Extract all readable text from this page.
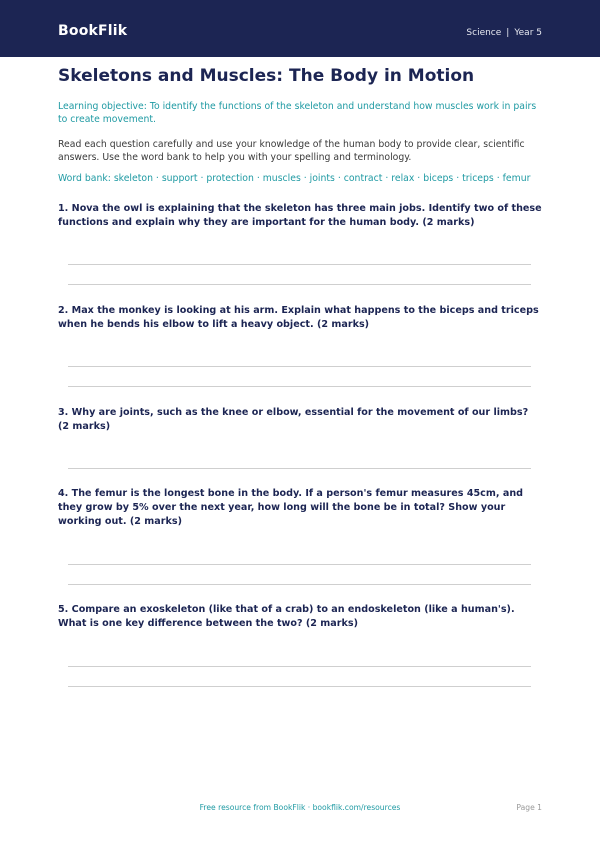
BookFlik	Science | Year 5
Skeletons and Muscles: The Body in Motion
Learning objective: To identify the functions of the skeleton and understand how muscles work in pairs to create movement.
Read each question carefully and use your knowledge of the human body to provide clear, scientific answers. Use the word bank to help you with your spelling and terminology.
Word bank: skeleton · support · protection · muscles · joints · contract · relax · biceps · triceps · femur

1. Nova the owl is explaining that the skeleton has three main jobs. Identify two of these functions and explain why they are important for the human body. (2 marks)

2. Max the monkey is looking at his arm. Explain what happens to the biceps and triceps when he bends his elbow to lift a heavy object. (2 marks)

3. Why are joints, such as the knee or elbow, essential for the movement of our limbs? (2 marks)

4. The femur is the longest bone in the body. If a person's femur measures 45cm, and they grow by 5% over the next year, how long will the bone be in total? Show your working out. (2 marks)

5. Compare an exoskeleton (like that of a crab) to an endoskeleton (like a human's). What is one key difference between the two? (2 marks)

Free resource from BookFlik · bookflik.com/resources	Page 1
